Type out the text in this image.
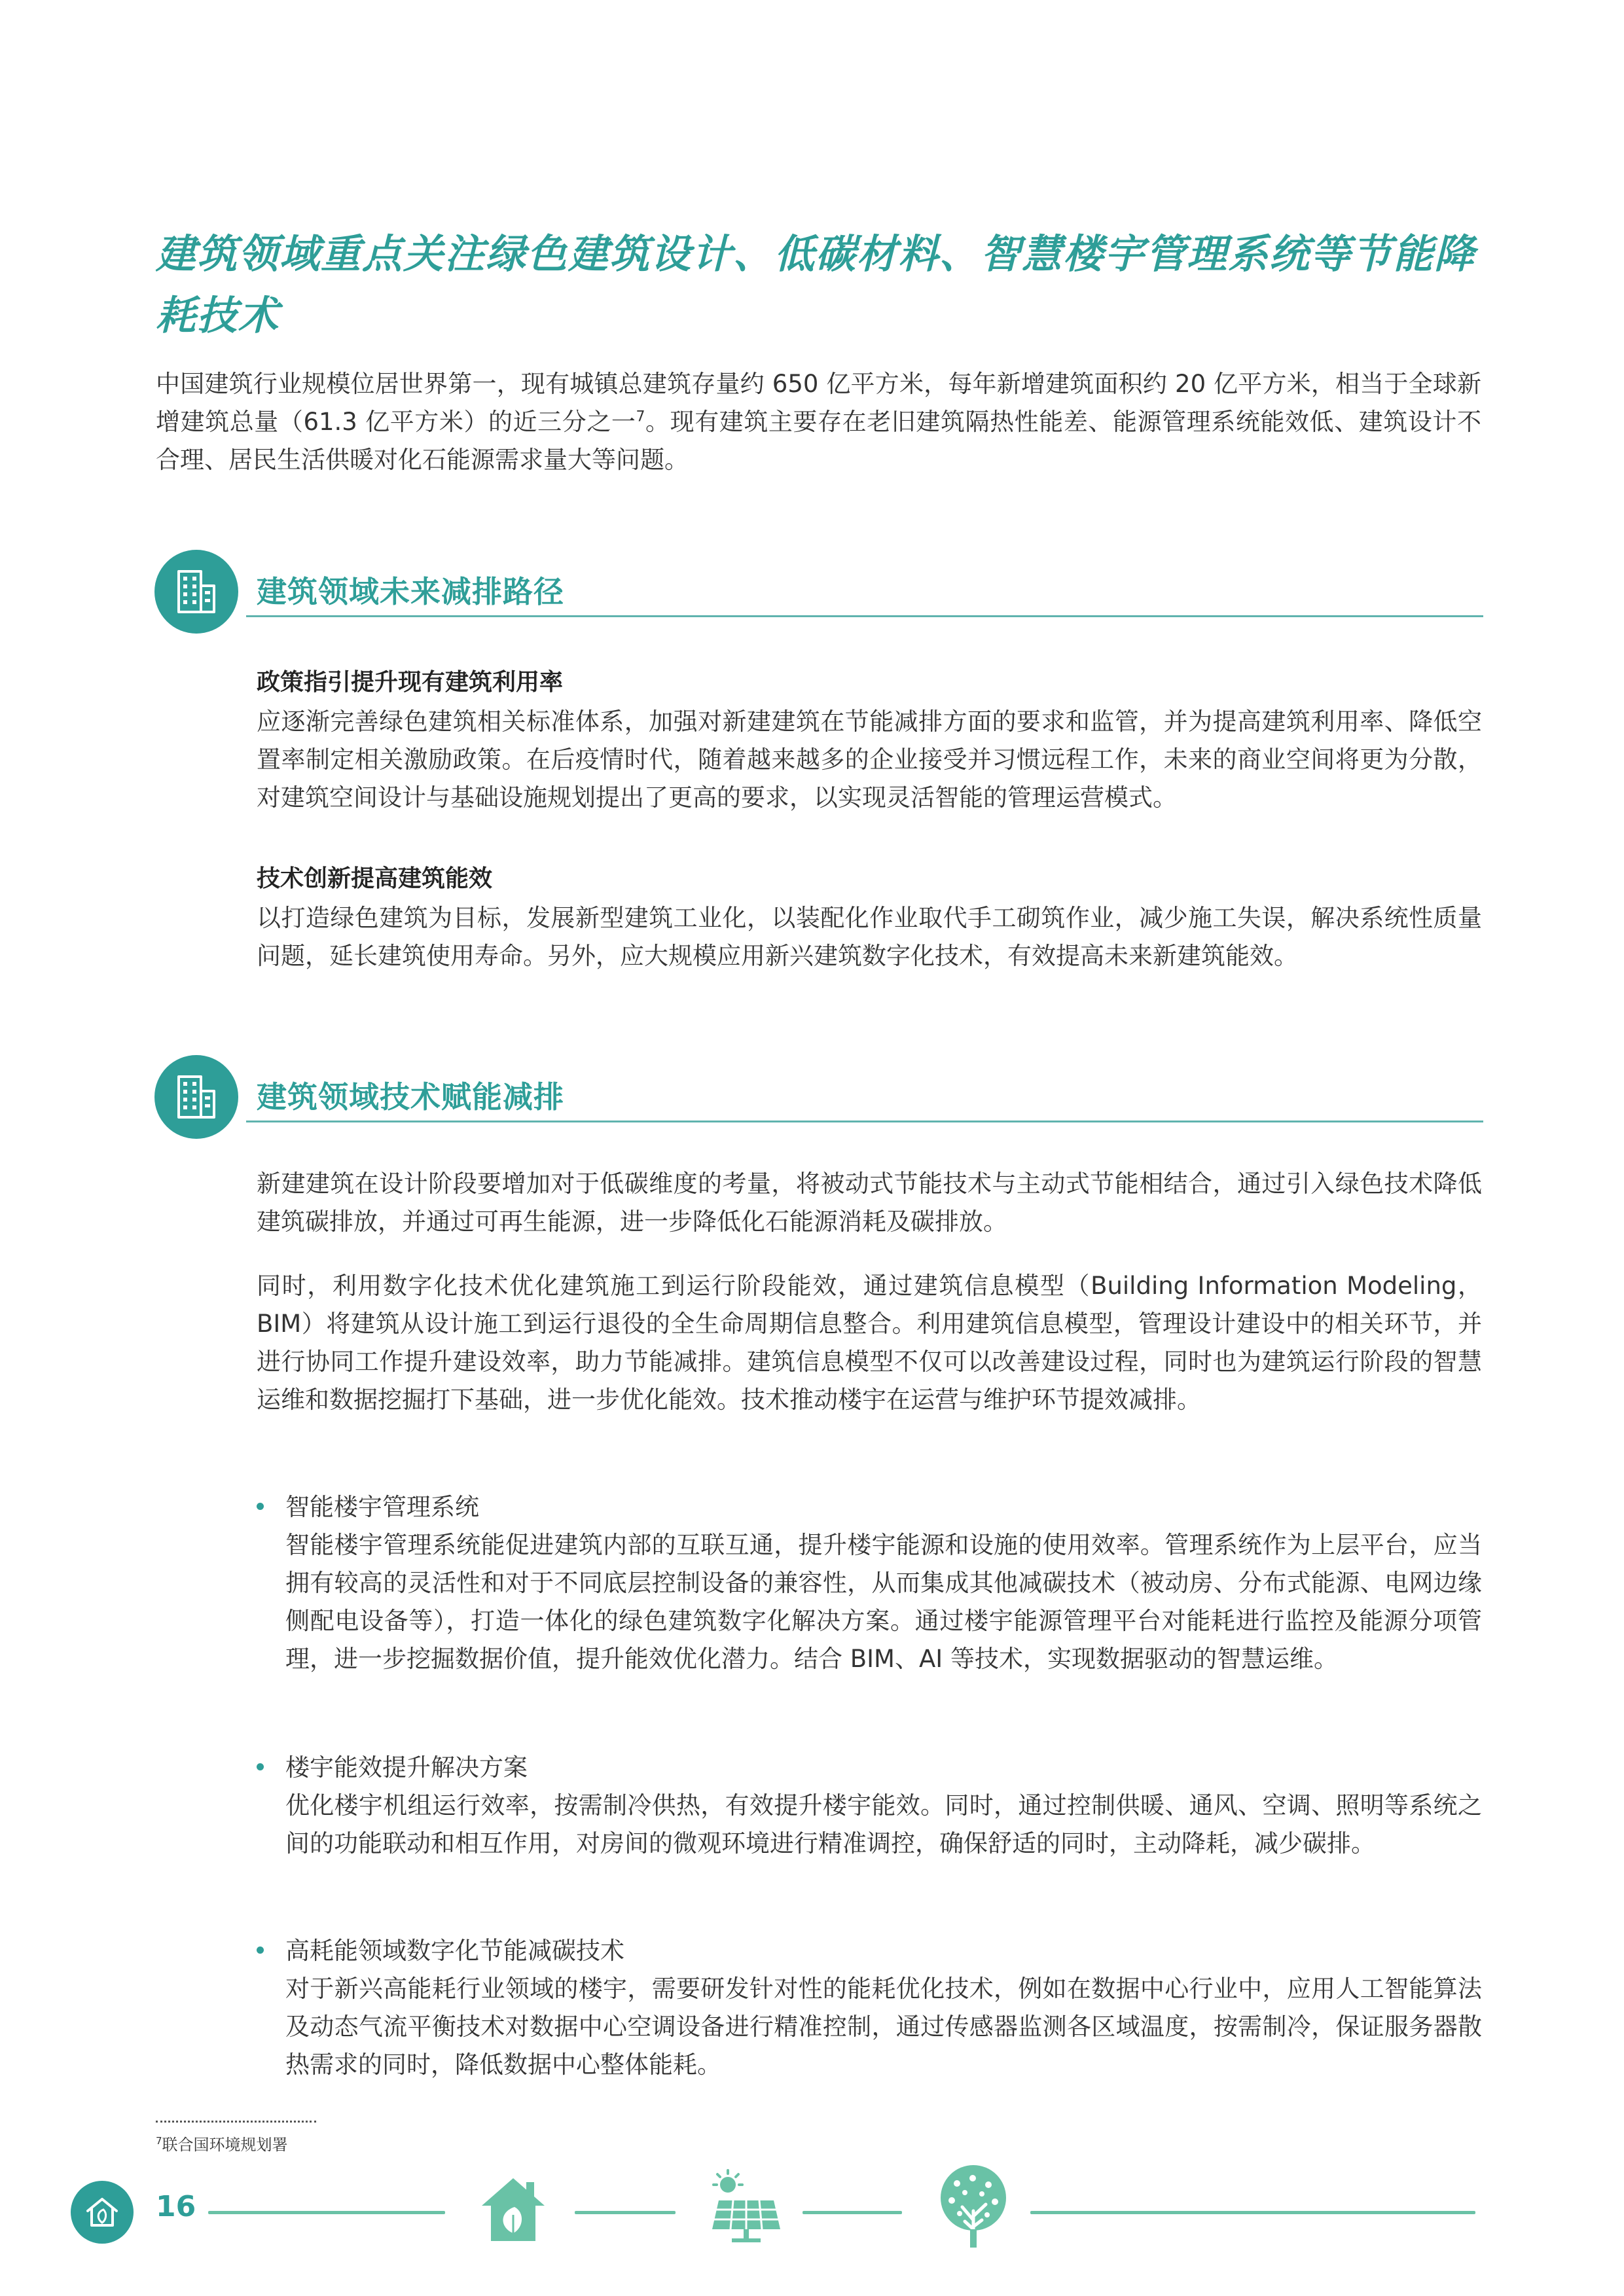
建筑领域重点关注绿色建筑设计、低碳材料、智慧楼宇管理系统等节能降耗技术

中国建筑行业规模位居世界第一，现有城镇总建筑存量约 650 亿平方米，每年新增建筑面积约 20 亿平方米，相当于全球新增建筑总量（61.3 亿平方米）的近三分之一$^7$。现有建筑主要存在老旧建筑隔热性能差、能源管理系统能效低、建筑设计不合理、居民生活供暖对化石能源需求量大等问题。

建筑领域未来减排路径
政策指引提升现有建筑利用率

应逐渐完善绿色建筑相关标准体系，加强对新建建筑在节能减排方面的要求和监管，并为提高建筑利用率、降低空置率制定相关激励政策。在后疫情时代，随着越来越多的企业接受并习惯远程工作，未来的商业空间将更为分散，对建筑空间设计与基础设施规划提出了更高的要求，以实现灵活智能的管理运营模式。

技术创新提高建筑能效

以打造绿色建筑为目标，发展新型建筑工业化，以装配化作业取代手工砌筑作业，减少施工失误，解决系统性质量问题，延长建筑使用寿命。另外，应大规模应用新兴建筑数字化技术，有效提高未来新建筑能效。

建筑领域技术赋能减排

新建建筑在设计阶段要增加对于低碳维度的考量，将被动式节能技术与主动式节能相结合，通过引入绿色技术降低建筑碳排放，并通过可再生能源，进一步降低化石能源消耗及碳排放。

同时，利用数字化技术优化建筑施工到运行阶段能效，通过建筑信息模型（Building Information Modeling，BIM）将建筑从设计施工到运行退役的全生命周期信息整合。利用建筑信息模型，管理设计建设中的相关环节，并进行协同工作提升建设效率，助力节能减排。建筑信息模型不仅可以改善建设过程，同时也为建筑运行阶段的智慧运维和数据挖掘打下基础，进一步优化能效。技术推动楼宇在运营与维护环节提效减排。

智能楼宇管理系统

智能楼宇管理系统能促进建筑内部的互联互通，提升楼宇能源和设施的使用效率。管理系统作为上层平台，应当拥有较高的灵活性和对于不同底层控制设备的兼容性，从而集成其他减碳技术（被动房、分布式能源、电网边缘侧配电设备等），打造一体化的绿色建筑数字化解决方案。通过楼宇能源管理平台对能耗进行监控及能源分项管理，进一步挖掘数据价值，提升能效优化潜力。结合 BIM、AI 等技术，实现数据驱动的智慧运维。

楼宇能效提升解决方案

优化楼宇机组运行效率，按需制冷供热，有效提升楼宇能效。同时，通过控制供暖、通风、空调、照明等系统之间的功能联动和相互作用，对房间的微观环境进行精准调控，确保舒适的同时，主动降耗，减少碳排。

高耗能领域数字化节能减碳技术

对于新兴高能耗行业领域的楼宇，需要研发针对性的能耗优化技术，例如在数据中心行业中，应用人工智能算法及动态气流平衡技术对数据中心空调设备进行精准控制，通过传感器监测各区域温度，按需制冷，保证服务器散热需求的同时，降低数据中心整体能耗。

$^7$联合国环境规划署
16
